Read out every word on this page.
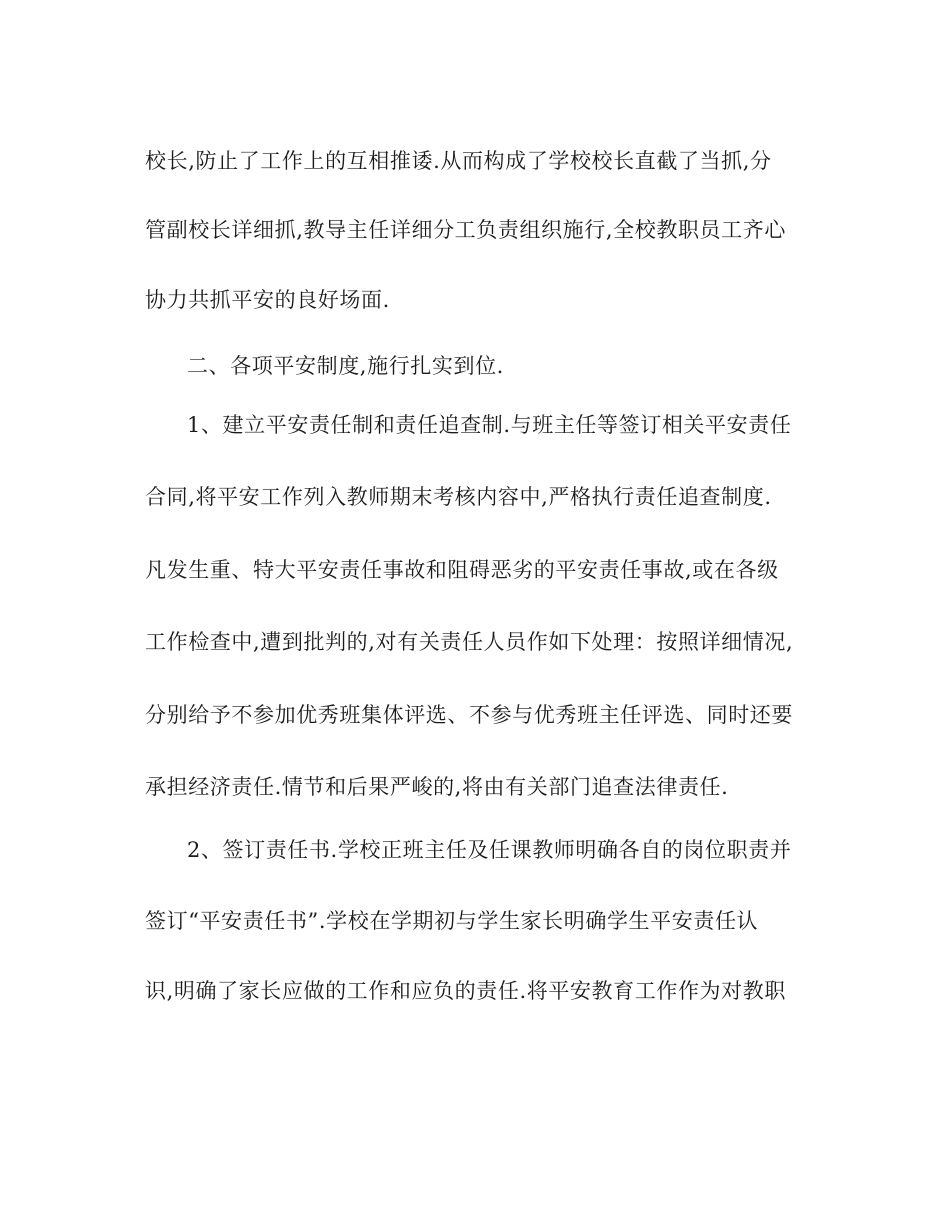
校长,防止了工作上的互相推诿.从而构成了学校校长直截了当抓,分

管副校长详细抓,教导主任详细分工负责组织施行,全校教职员工齐心

协力共抓平安的良好场面.

二、各项平安制度,施行扎实到位.

1、建立平安责任制和责任追查制.与班主任等签订相关平安责任

合同,将平安工作列入教师期末考核内容中,严格执行责任追查制度.

凡发生重、特大平安责任事故和阻碍恶劣的平安责任事故,或在各级

工作检查中,遭到批判的,对有关责任人员作如下处理：按照详细情况,

分别给予不参加优秀班集体评选、不参与优秀班主任评选、同时还要

承担经济责任.情节和后果严峻的,将由有关部门追查法律责任.

2、签订责任书.学校正班主任及任课教师明确各自的岗位职责并

签订“平安责任书”.学校在学期初与学生家长明确学生平安责任认

识,明确了家长应做的工作和应负的责任.将平安教育工作作为对教职
